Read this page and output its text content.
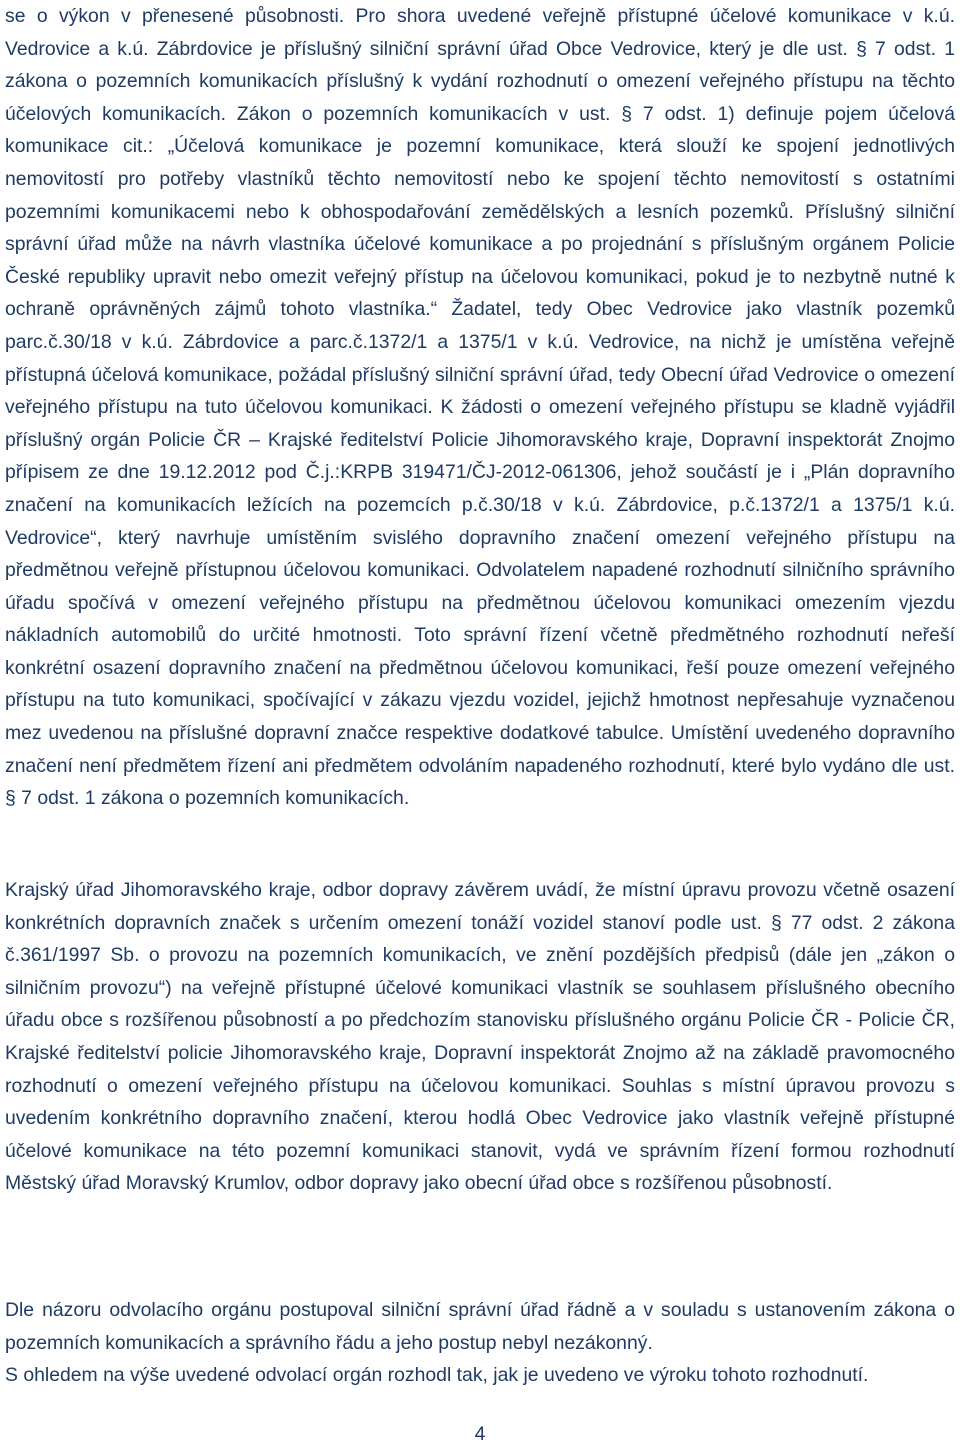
se o výkon v přenesené působnosti. Pro shora uvedené veřejně přístupné účelové komunikace v k.ú. Vedrovice a k.ú. Zábrdovice je příslušný silniční správní úřad Obce Vedrovice, který je dle ust. § 7 odst. 1 zákona o pozemních komunikacích příslušný k vydání rozhodnutí o omezení veřejného přístupu na těchto účelových komunikacích. Zákon o pozemních komunikacích v ust. § 7 odst. 1) definuje pojem účelová komunikace cit.: „Účelová komunikace je pozemní komunikace, která slouží ke spojení jednotlivých nemovitostí pro potřeby vlastníků těchto nemovitostí nebo ke spojení těchto nemovitostí s ostatními pozemními komunikacemi nebo k obhospodařování zemědělských a lesních pozemků. Příslušný silniční správní úřad může na návrh vlastníka účelové komunikace a po projednání s příslušným orgánem Policie České republiky upravit nebo omezit veřejný přístup na účelovou komunikaci, pokud je to nezbytně nutné k ochraně oprávněných zájmů tohoto vlastníka.“ Žadatel, tedy Obec Vedrovice jako vlastník pozemků parc.č.30/18 v k.ú. Zábrdovice a parc.č.1372/1 a 1375/1 v k.ú. Vedrovice, na nichž je umístěna veřejně přístupná účelová komunikace, požádal příslušný silniční správní úřad, tedy Obecní úřad Vedrovice o omezení veřejného přístupu na tuto účelovou komunikaci. K žádosti o omezení veřejného přístupu se kladně vyjádřil příslušný orgán Policie ČR – Krajské ředitelství Policie Jihomoravského kraje, Dopravní inspektorát Znojmo přípisem ze dne 19.12.2012 pod Č.j.:KRPB 319471/ČJ-2012-061306, jehož součástí je i „Plán dopravního značení na komunikacích ležících na pozemcích p.č.30/18 v k.ú. Zábrdovice, p.č.1372/1 a 1375/1 k.ú. Vedrovice“, který navrhuje umístěním svislého dopravního značení omezení veřejného přístupu na předmětnou veřejně přístupnou účelovou komunikaci. Odvolatelem napadené rozhodnutí silničního správního úřadu spočívá v omezení veřejného přístupu na předmětnou účelovou komunikaci omezením vjezdu nákladních automobilů do určité hmotnosti. Toto správní řízení včetně předmětného rozhodnutí neřeší konkrétní osazení dopravního značení na předmětnou účelovou komunikaci, řeší pouze omezení veřejného přístupu na tuto komunikaci, spočívající v zákazu vjezdu vozidel, jejichž hmotnost nepřesahuje vyznačenou mez uvedenou na příslušné dopravní značce respektive dodatkové tabulce. Umístění uvedeného dopravního značení není předmětem řízení ani předmětem odvoláním napadeného rozhodnutí, které bylo vydáno dle ust. § 7 odst. 1 zákona o pozemních komunikacích.

Krajský úřad Jihomoravského kraje, odbor dopravy závěrem uvádí, že místní úpravu provozu včetně osazení konkrétních dopravních značek s určením omezení tonáží vozidel stanoví podle ust. § 77 odst. 2 zákona č.361/1997 Sb. o provozu na pozemních komunikacích, ve znění pozdějších předpisů (dále jen „zákon o silničním provozu“) na veřejně přístupné účelové komunikaci vlastník se souhlasem příslušného obecního úřadu obce s rozšířenou působností a po předchozím stanovisku příslušného orgánu Policie ČR - Policie ČR, Krajské ředitelství policie Jihomoravského kraje, Dopravní inspektorát Znojmo až na základě pravomocného rozhodnutí o omezení veřejného přístupu na účelovou komunikaci. Souhlas s místní úpravou provozu s uvedením konkrétního dopravního značení, kterou hodlá Obec Vedrovice jako vlastník veřejně přístupné účelové komunikace na této pozemní komunikaci stanovit, vydá ve správním řízení formou rozhodnutí Městský úřad Moravský Krumlov, odbor dopravy jako obecní úřad obce s rozšířenou působností.

Dle názoru odvolacího orgánu postupoval silniční správní úřad řádně a v souladu s ustanovením zákona o pozemních komunikacích a správního řádu a jeho postup nebyl nezákonný.

S ohledem na výše uvedené odvolací orgán rozhodl tak, jak je uvedeno ve výroku tohoto rozhodnutí.

4
